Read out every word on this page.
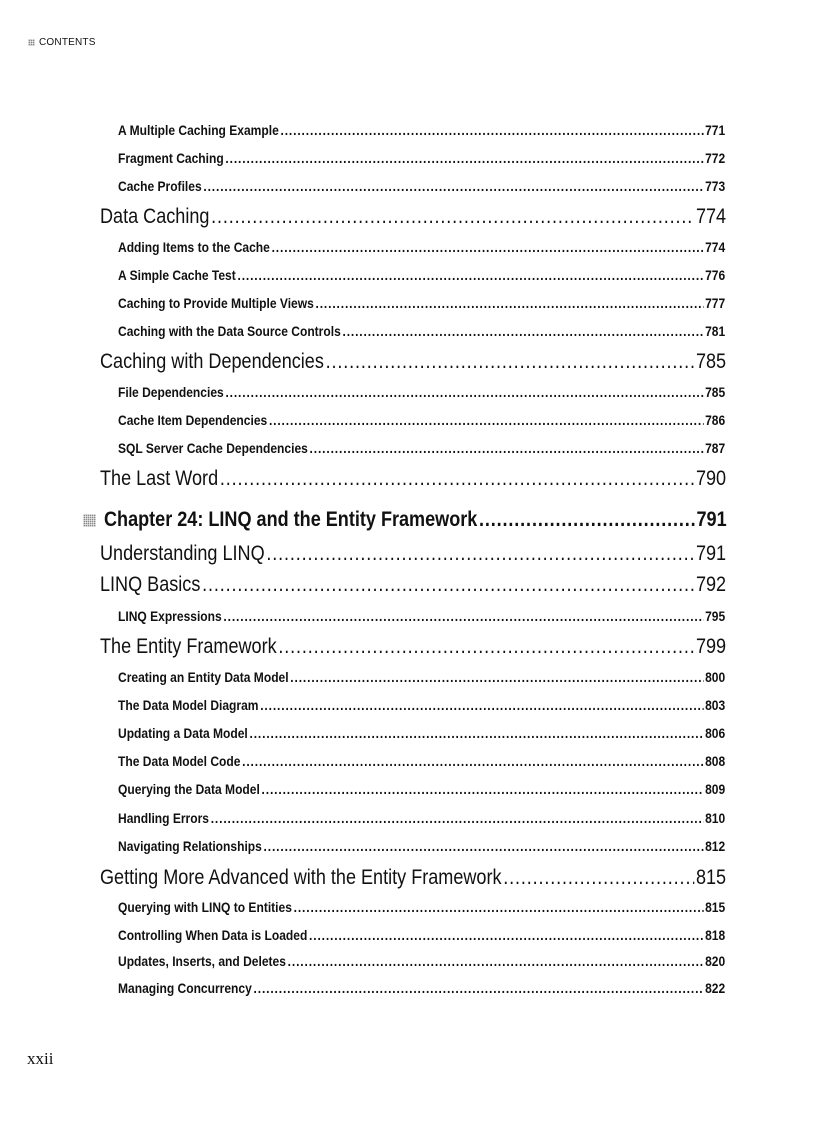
CONTENTS
A Multiple Caching Example .....	771
Fragment Caching .....	772
Cache Profiles .....	773
Data Caching .....	774
Adding Items to the Cache .....	774
A Simple Cache Test .....	776
Caching to Provide Multiple Views .....	777
Caching with the Data Source Controls .....	781
Caching with Dependencies .....	785
File Dependencies .....	785
Cache Item Dependencies .....	786
SQL Server Cache Dependencies .....	787
The Last Word .....	790
Chapter 24: LINQ and the Entity Framework .....	791
Understanding LINQ .....	791
LINQ Basics .....	792
LINQ Expressions .....	795
The Entity Framework .....	799
Creating an Entity Data Model .....	800
The Data Model Diagram .....	803
Updating a Data Model .....	806
The Data Model Code .....	808
Querying the Data Model .....	809
Handling Errors .....	810
Navigating Relationships .....	812
Getting More Advanced with the Entity Framework .....	815
Querying with LINQ to Entities .....	815
Controlling When Data is Loaded .....	818
Updates, Inserts, and Deletes .....	820
Managing Concurrency .....	822
xxii
